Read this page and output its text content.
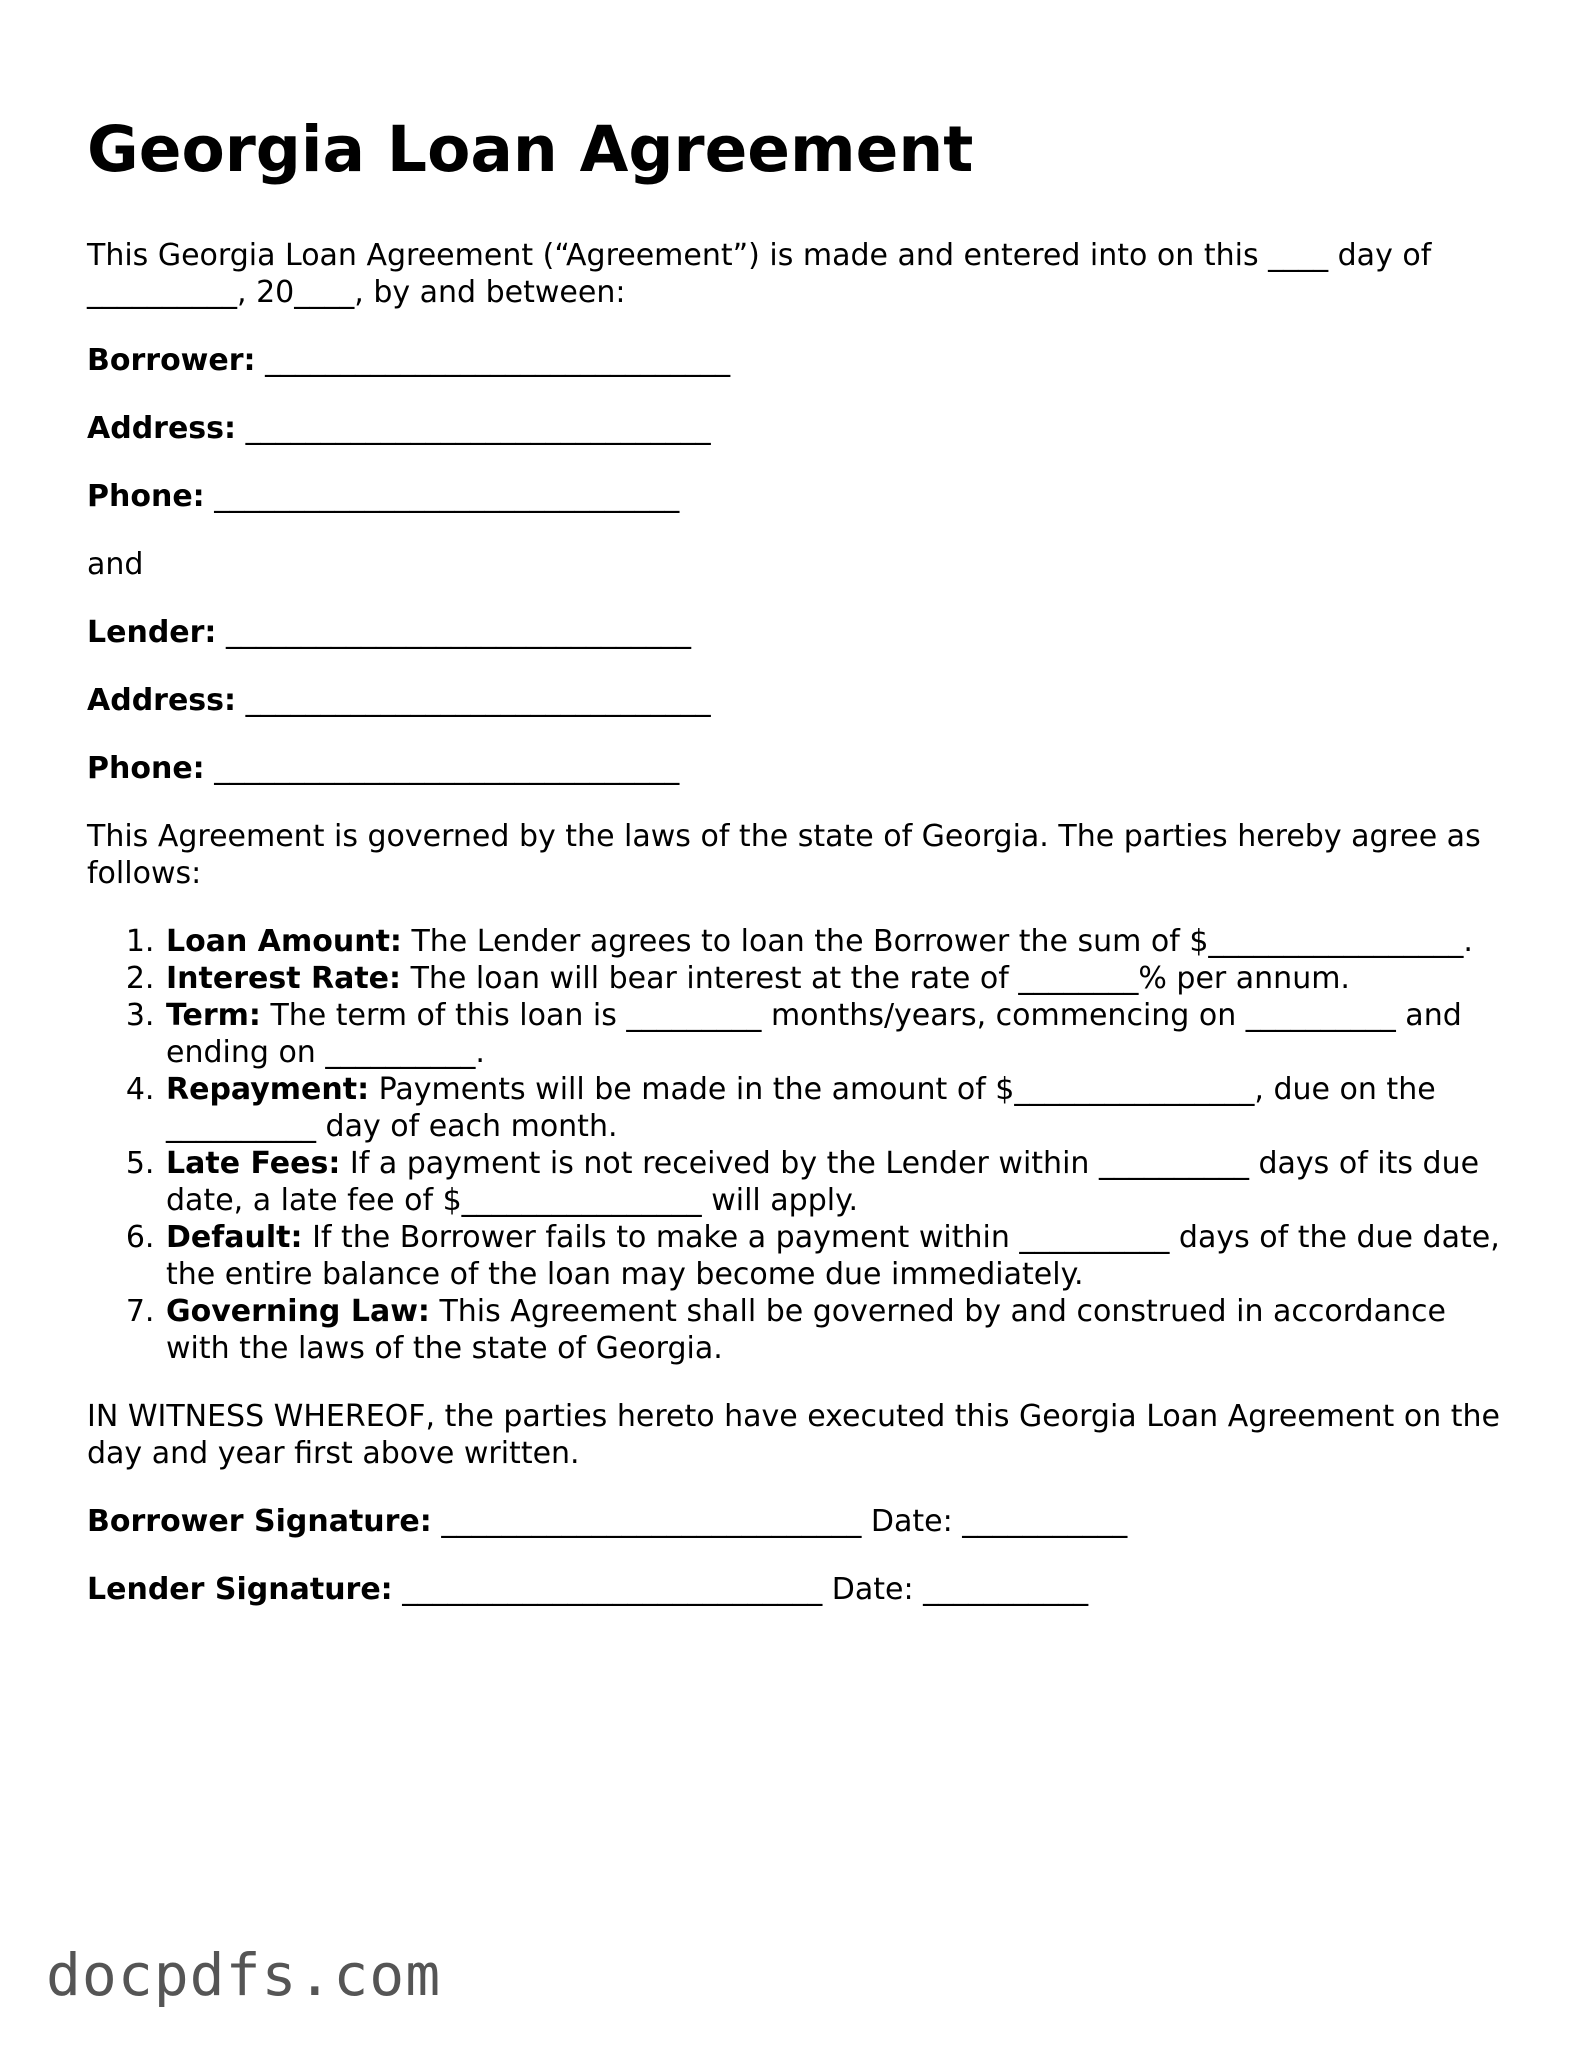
Georgia Loan Agreement

This Georgia Loan Agreement (“Agreement”) is made and entered into on this ____ day of __________, 20____, by and between:

Borrower: _______________________________
Address: _______________________________
Phone: _______________________________

and

Lender: _______________________________
Address: _______________________________
Phone: _______________________________

This Agreement is governed by the laws of the state of Georgia. The parties hereby agree as follows:

1. Loan Amount: The Lender agrees to loan the Borrower the sum of $_________________.
2. Interest Rate: The loan will bear interest at the rate of ________% per annum.
3. Term: The term of this loan is _________ months/years, commencing on __________ and ending on __________.
4. Repayment: Payments will be made in the amount of $________________, due on the __________ day of each month.
5. Late Fees: If a payment is not received by the Lender within __________ days of its due date, a late fee of $________________ will apply.
6. Default: If the Borrower fails to make a payment within __________ days of the due date, the entire balance of the loan may become due immediately.
7. Governing Law: This Agreement shall be governed by and construed in accordance with the laws of the state of Georgia.

IN WITNESS WHEREOF, the parties hereto have executed this Georgia Loan Agreement on the day and year first above written.

Borrower Signature: ____________________________ Date: ___________
Lender Signature: ____________________________ Date: ___________
docpdfs.com
